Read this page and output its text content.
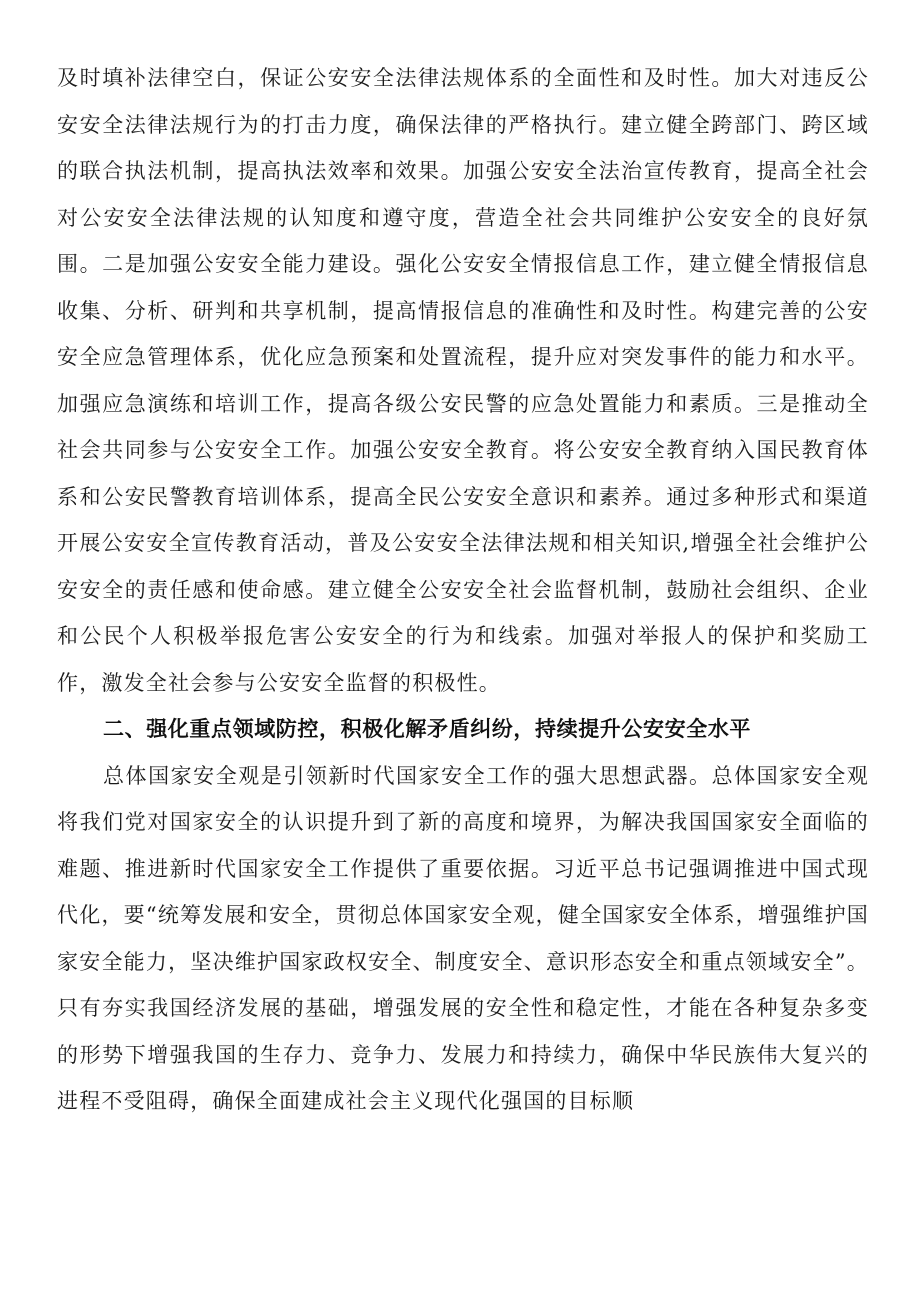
及时填补法律空白，保证公安安全法律法规体系的全面性和及时性。加大对违反公安安全法律法规行为的打击力度，确保法律的严格执行。建立健全跨部门、跨区域的联合执法机制，提高执法效率和效果。加强公安安全法治宣传教育，提高全社会对公安安全法律法规的认知度和遵守度，营造全社会共同维护公安安全的良好氛围。二是加强公安安全能力建设。强化公安安全情报信息工作，建立健全情报信息收集、分析、研判和共享机制，提高情报信息的准确性和及时性。构建完善的公安安全应急管理体系，优化应急预案和处置流程，提升应对突发事件的能力和水平。加强应急演练和培训工作，提高各级公安民警的应急处置能力和素质。三是推动全社会共同参与公安安全工作。加强公安安全教育。将公安安全教育纳入国民教育体系和公安民警教育培训体系，提高全民公安安全意识和素养。通过多种形式和渠道开展公安安全宣传教育活动，普及公安安全法律法规和相关知识,增强全社会维护公安安全的责任感和使命感。建立健全公安安全社会监督机制，鼓励社会组织、企业和公民个人积极举报危害公安安全的行为和线索。加强对举报人的保护和奖励工作，激发全社会参与公安安全监督的积极性。

二、强化重点领域防控，积极化解矛盾纠纷，持续提升公安安全水平

总体国家安全观是引领新时代国家安全工作的强大思想武器。总体国家安全观将我们党对国家安全的认识提升到了新的高度和境界，为解决我国国家安全面临的难题、推进新时代国家安全工作提供了重要依据。习近平总书记强调推进中国式现代化，要“统筹发展和安全，贯彻总体国家安全观，健全国家安全体系，增强维护国家安全能力，坚决维护国家政权安全、制度安全、意识形态安全和重点领域安全”。只有夯实我国经济发展的基础，增强发展的安全性和稳定性，才能在各种复杂多变的形势下增强我国的生存力、竞争力、发展力和持续力，确保中华民族伟大复兴的进程不受阻碍，确保全面建成社会主义现代化强国的目标顺
